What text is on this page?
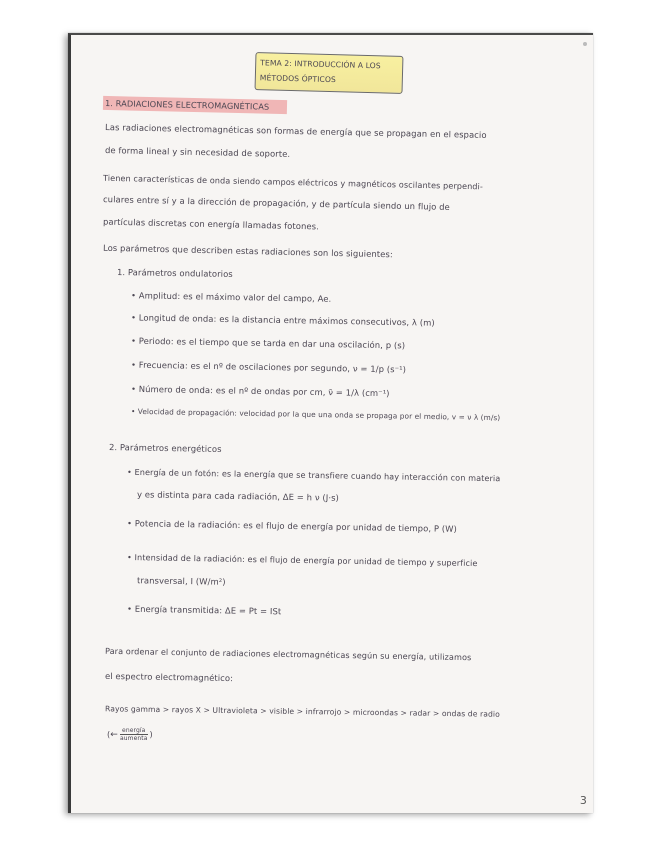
TEMA 2: INTRODUCCIÓN A LOS
MÉTODOS ÓPTICOS
1. RADIACIONES ELECTROMAGNÉTICAS
Las radiaciones electromagnéticas son formas de energía que se propagan en el espacio
de forma lineal y sin necesidad de soporte.
Tienen características de onda siendo campos eléctricos y magnéticos oscilantes perpendi-
culares entre sí y a la dirección de propagación, y de partícula siendo un flujo de
partículas discretas con energía llamadas fotones.
Los parámetros que describen estas radiaciones son los siguientes:
1. Parámetros ondulatorios
• Amplitud: es el máximo valor del campo, Ae.
• Longitud de onda: es la distancia entre máximos consecutivos, λ (m)
• Periodo: es el tiempo que se tarda en dar una oscilación, p (s)
• Frecuencia: es el nº de oscilaciones por segundo, ν = 1/p (s⁻¹)
• Número de onda: es el nº de ondas por cm, ν̄ = 1/λ (cm⁻¹)
• Velocidad de propagación: velocidad por la que una onda se propaga por el medio, v = ν λ (m/s)
2. Parámetros energéticos
• Energía de un fotón: es la energía que se transfiere cuando hay interacción con materia
y es distinta para cada radiación, ΔE = h ν (J·s)
• Potencia de la radiación: es el flujo de energía por unidad de tiempo, P (W)
• Intensidad de la radiación: es el flujo de energía por unidad de tiempo y superficie
transversal, I (W/m²)
• Energía transmitida: ΔE = Pt = ISt
Para ordenar el conjunto de radiaciones electromagnéticas según su energía, utilizamos
el espectro electromagnético:
Rayos gamma > rayos X > Ultravioleta > visible > infrarrojo > microondas > radar > ondas de radio
(← energía
aumenta )
3
